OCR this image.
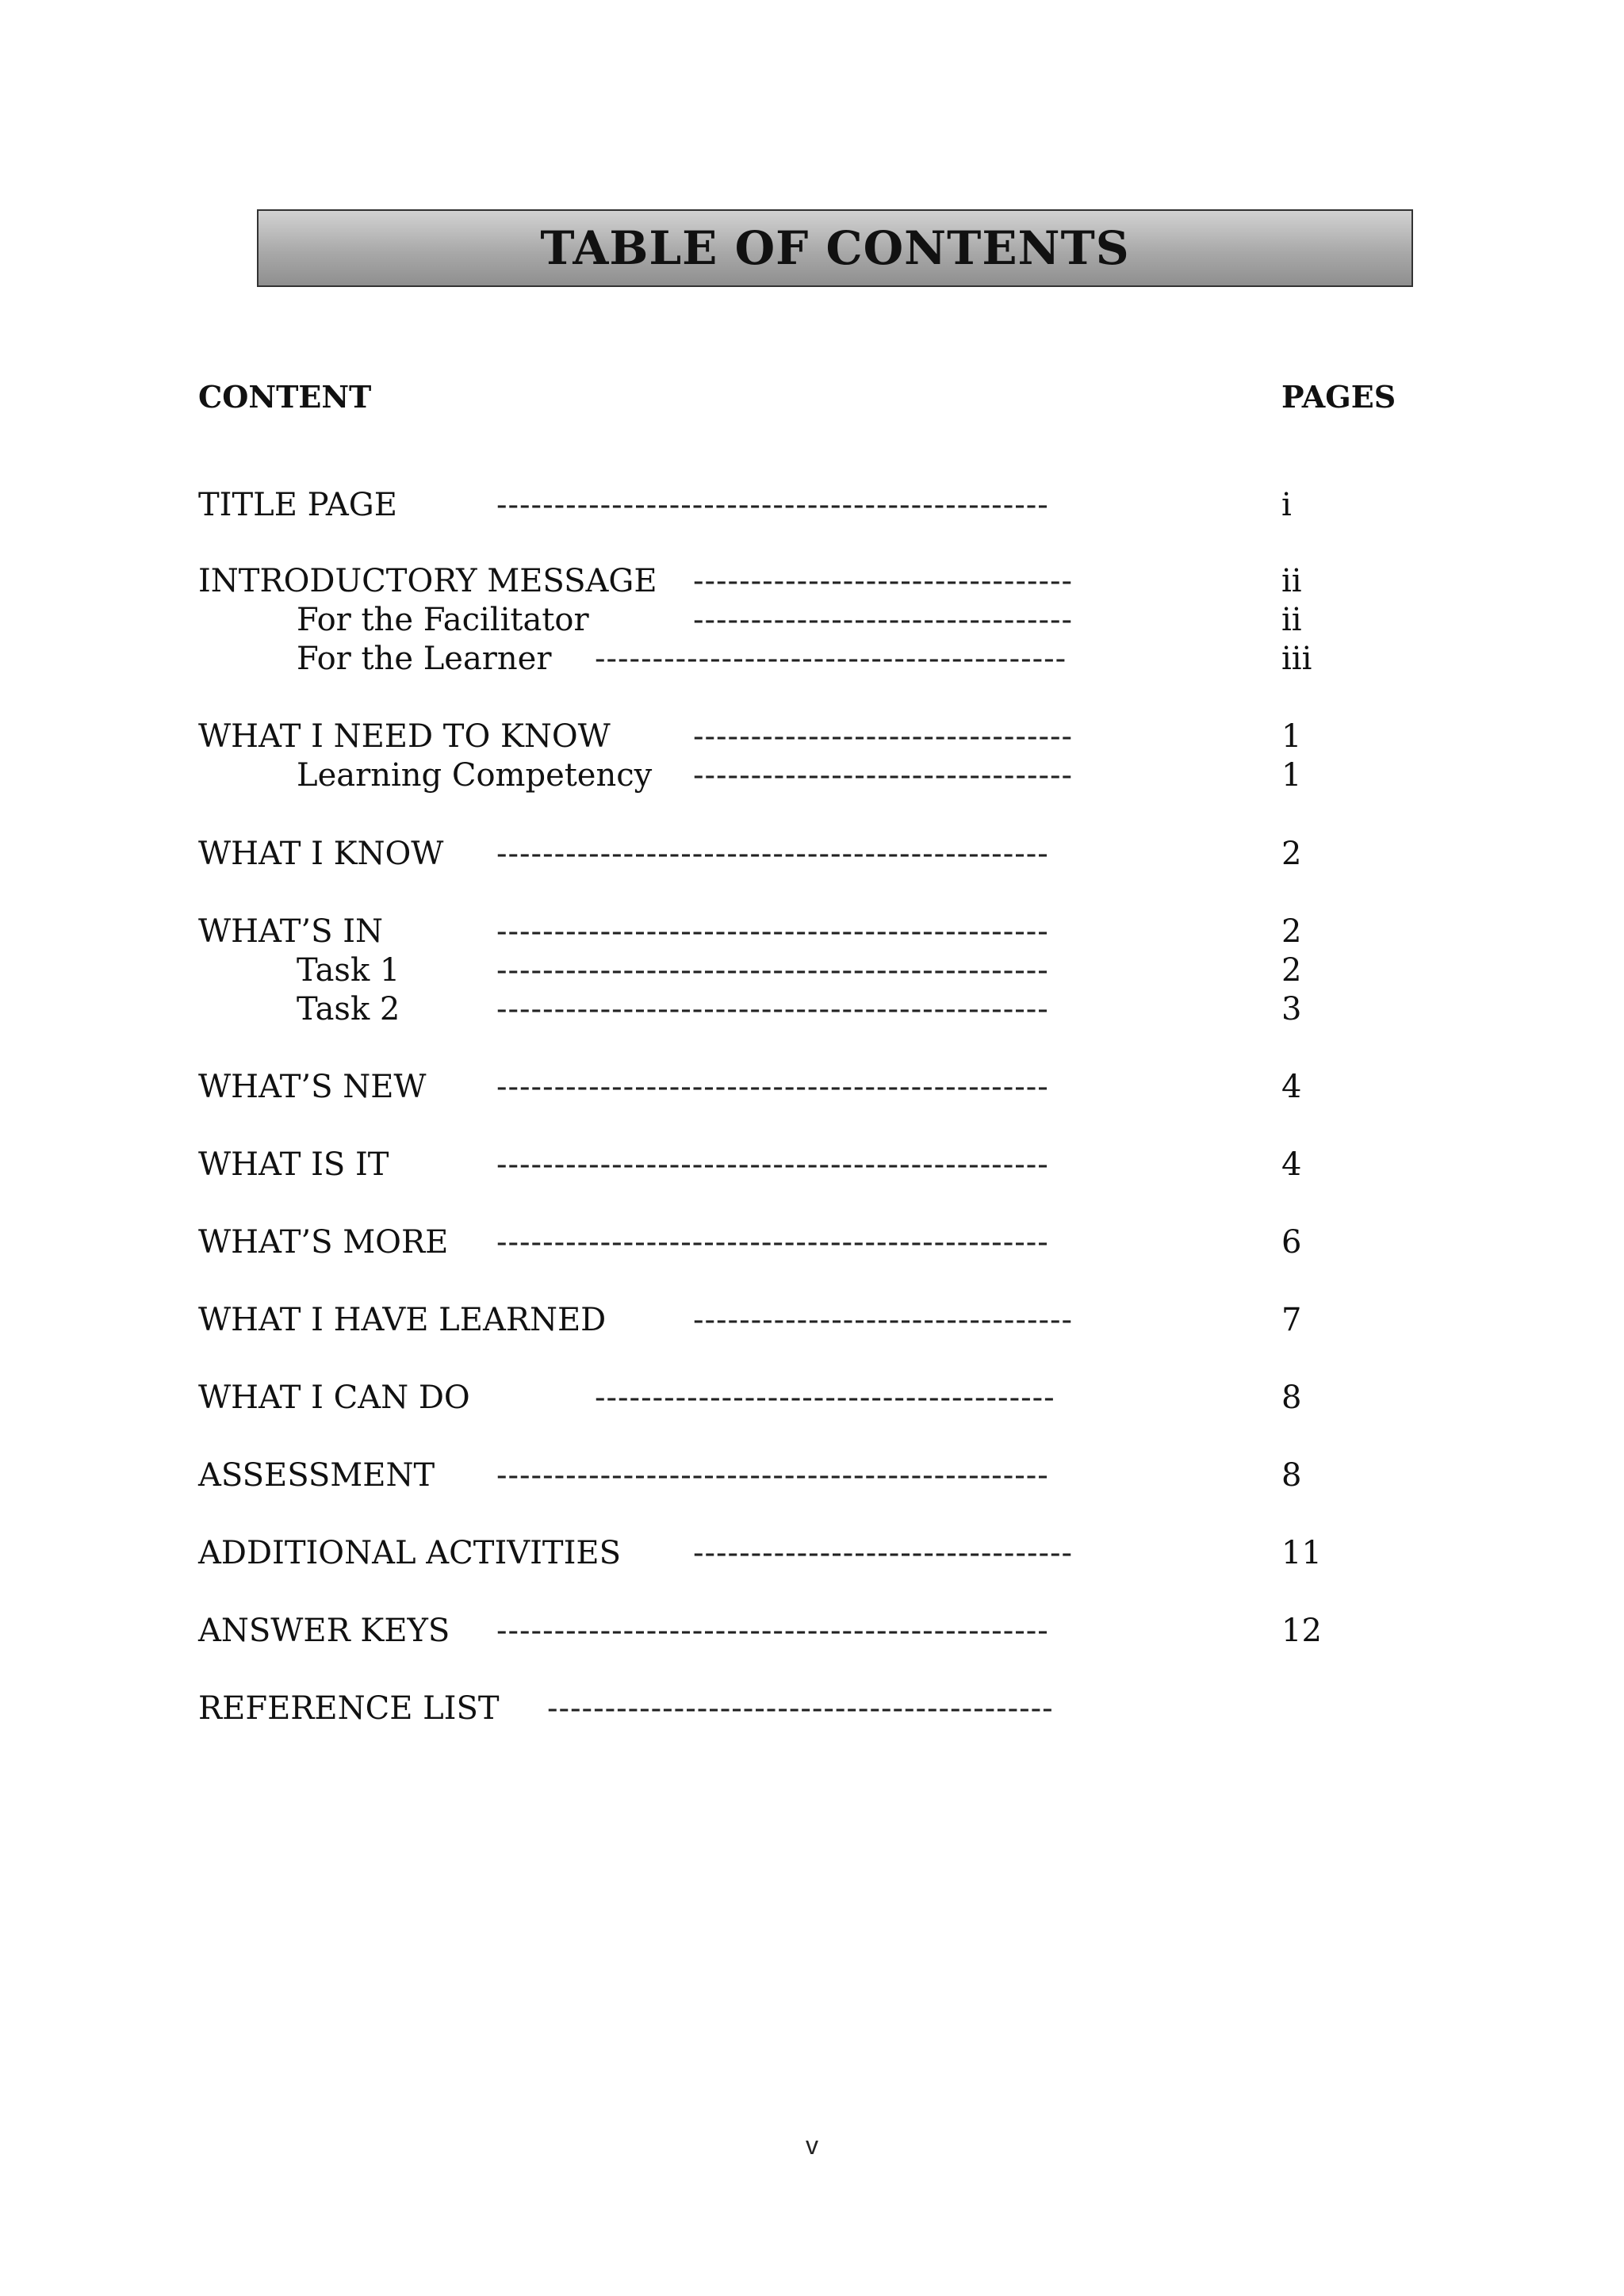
TABLE OF CONTENTS
CONTENT	PAGES
TITLE PAGE	------------------------------------------------	i
INTRODUCTORY MESSAGE ---------------------------------	ii
For the Facilitator	---------------------------------	ii
For the Learner -----------------------------------------	iii
WHAT I NEED TO KNOW	---------------------------------	1
Learning Competency ---------------------------------	1
WHAT I KNOW ------------------------------------------------	2
WHAT’S IN	------------------------------------------------	2
Task 1	------------------------------------------------	2
Task 2	------------------------------------------------	3
WHAT’S NEW ------------------------------------------------	4
WHAT IS IT	------------------------------------------------	4
WHAT’S MORE ------------------------------------------------	6
WHAT I HAVE LEARNED	---------------------------------	7
WHAT I CAN DO	----------------------------------------	8
ASSESSMENT ------------------------------------------------	8
ADDITIONAL ACTIVITIES ---------------------------------	11
ANSWER KEYS ------------------------------------------------	12
REFERENCE LIST --------------------------------------------
v
